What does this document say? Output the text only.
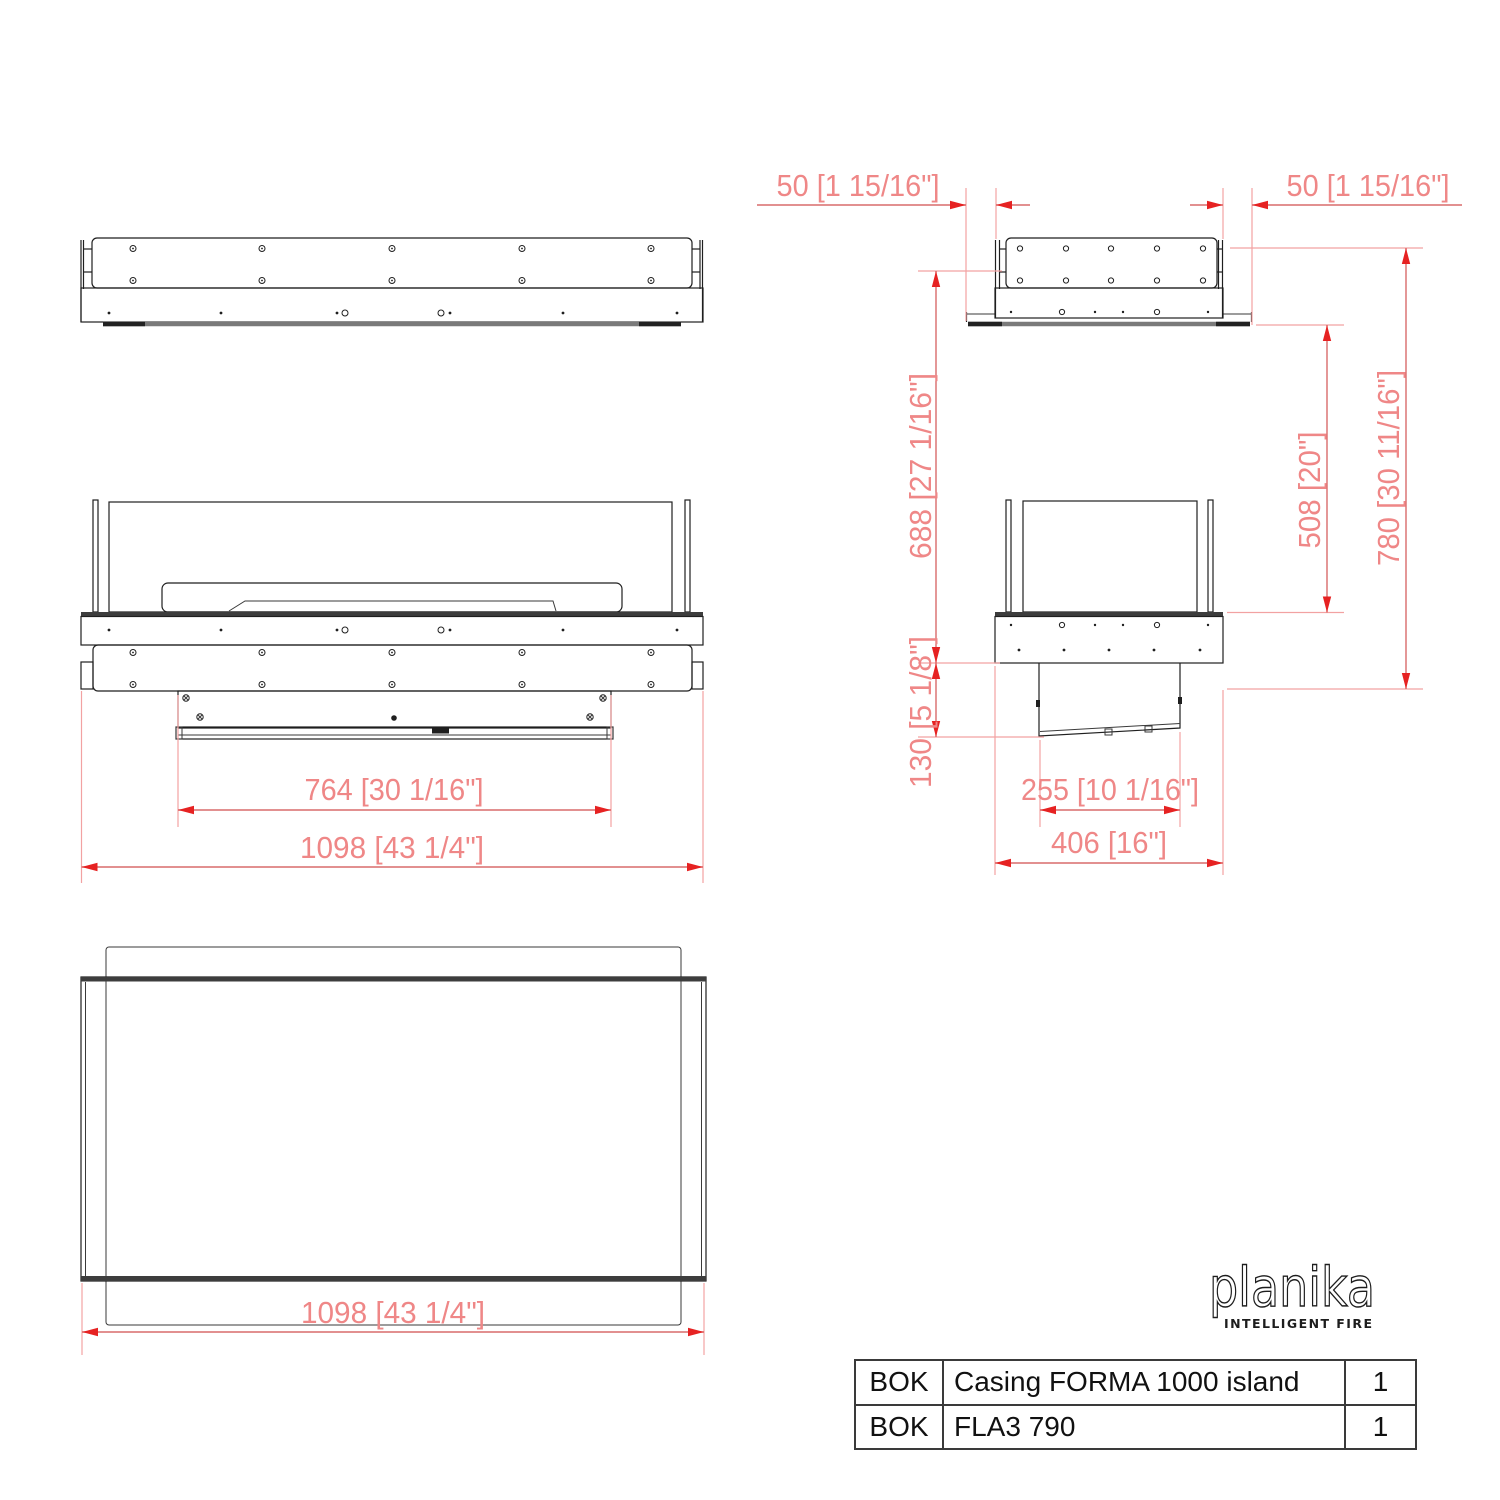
50 [1 15/16"]	50 [1 15/16"]
764 [30 1/16"]
1098 [43 1/4"]
1098 [43 1/4"]
688 [27 1/16"]
130 [5 1/8"]
508 [20"] 780 [30 11/16"]
255 [10 1/16"]
406 [16"]
planika
INTELLIGENT FIRE
BOK	Casing FORMA 1000 island	1
BOK	FLA3 790	1
